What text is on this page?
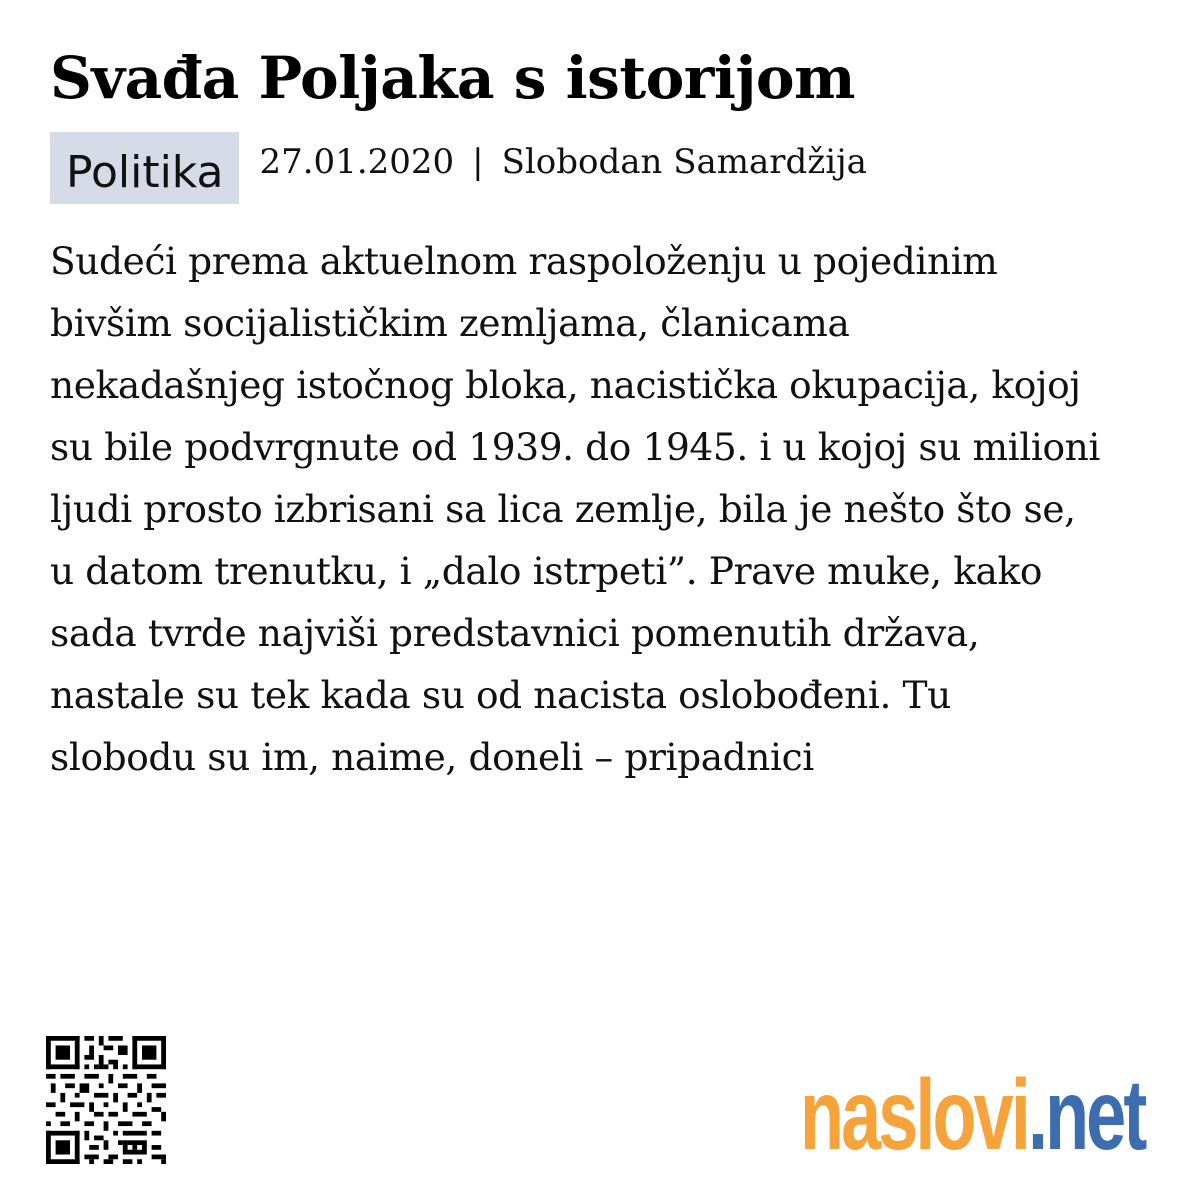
Svađa Poljaka s istorijom
Politika 27.01.2020 | Slobodan Samardžija

Sudeći prema aktuelnom raspoloženju u pojedinim
bivšim socijalističkim zemljama, članicama
nekadašnjeg istočnog bloka, nacistička okupacija, kojoj
su bile podvrgnute od 1939. do 1945. i u kojoj su milioni
ljudi prosto izbrisani sa lica zemlje, bila je nešto što se,
u datom trenutku, i „dalo istrpeti”. Prave muke, kako
sada tvrde najviši predstavnici pomenutih država,
nastale su tek kada su od nacista oslobođeni. Tu
slobodu su im, naime, doneli – pripadnici

naslovi.net
